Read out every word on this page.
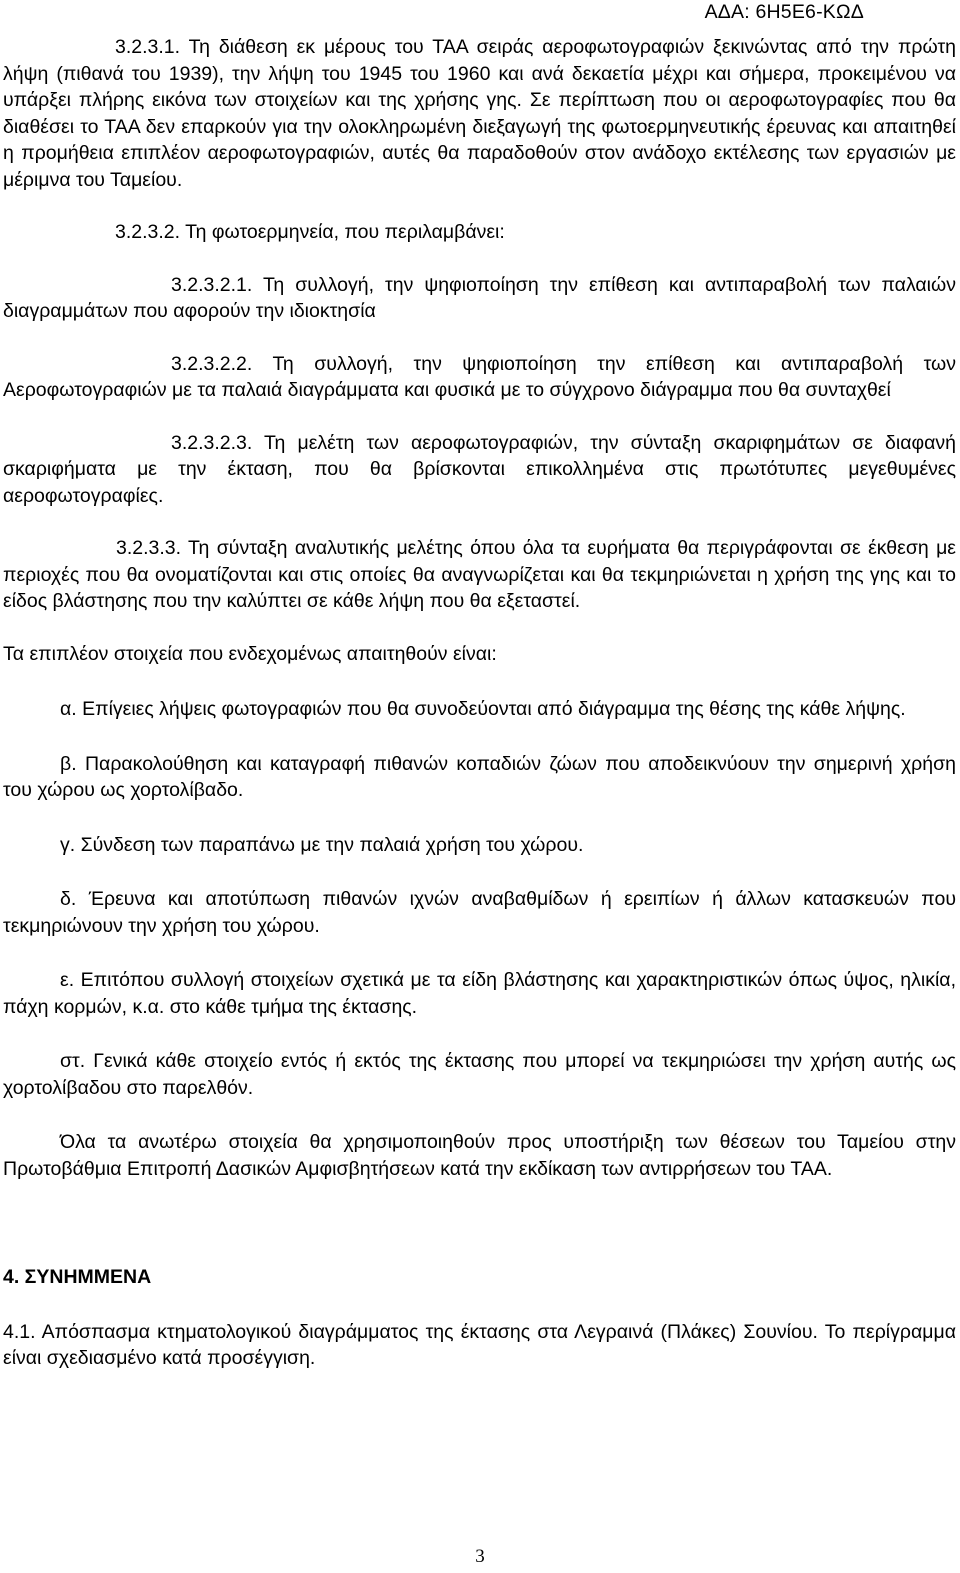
ΑΔΑ: 6Η5Ε6-ΚΩΔ

3.2.3.1. Τη διάθεση εκ μέρους του ΤΑΑ σειράς αεροφωτογραφιών ξεκινώντας από την πρώτη λήψη (πιθανά του 1939), την λήψη του 1945 του 1960 και ανά δεκαετία μέχρι και σήμερα, προκειμένου να υπάρξει πλήρης εικόνα των στοιχείων και της χρήσης γης. Σε περίπτωση που οι αεροφωτογραφίες που θα διαθέσει το ΤΑΑ δεν επαρκούν για την ολοκληρωμένη διεξαγωγή της φωτοερμηνευτικής έρευνας και απαιτηθεί η προμήθεια επιπλέον αεροφωτογραφιών, αυτές θα παραδοθούν στον ανάδοχο εκτέλεσης των εργασιών με μέριμνα του Ταμείου.

3.2.3.2. Τη φωτοερμηνεία, που περιλαμβάνει:

3.2.3.2.1. Τη συλλογή, την ψηφιοποίηση την επίθεση και αντιπαραβολή των παλαιών διαγραμμάτων που αφορούν την ιδιοκτησία

3.2.3.2.2. Τη συλλογή, την ψηφιοποίηση την επίθεση και αντιπαραβολή των Αεροφωτογραφιών με τα παλαιά διαγράμματα και φυσικά με το σύγχρονο διάγραμμα που θα συνταχθεί

3.2.3.2.3. Τη μελέτη των αεροφωτογραφιών, την σύνταξη σκαριφημάτων σε διαφανή σκαριφήματα με την έκταση, που θα βρίσκονται επικολλημένα στις πρωτότυπες μεγεθυμένες αεροφωτογραφίες.

3.2.3.3. Τη σύνταξη αναλυτικής μελέτης όπου όλα τα ευρήματα θα περιγράφονται σε έκθεση με περιοχές που θα ονοματίζονται και στις οποίες θα αναγνωρίζεται και θα τεκμηριώνεται η χρήση της γης και το είδος βλάστησης που την καλύπτει σε κάθε λήψη που θα εξεταστεί.

Τα επιπλέον στοιχεία που ενδεχομένως απαιτηθούν είναι:

α. Επίγειες λήψεις φωτογραφιών που θα συνοδεύονται από διάγραμμα της θέσης της κάθε λήψης.

β. Παρακολούθηση και καταγραφή πιθανών κοπαδιών ζώων που αποδεικνύουν την σημερινή χρήση του χώρου ως χορτολίβαδο.

γ. Σύνδεση των παραπάνω με την παλαιά χρήση του χώρου.

δ. Έρευνα και αποτύπωση πιθανών ιχνών αναβαθμίδων ή ερειπίων ή άλλων κατασκευών που τεκμηριώνουν την χρήση του χώρου.

ε. Επιτόπου συλλογή στοιχείων σχετικά με τα είδη βλάστησης και χαρακτηριστικών όπως ύψος, ηλικία, πάχη κορμών, κ.α. στο κάθε τμήμα της έκτασης.

στ. Γενικά κάθε στοιχείο εντός ή εκτός της έκτασης που μπορεί να τεκμηριώσει την χρήση αυτής ως χορτολίβαδου στο παρελθόν.

Όλα τα ανωτέρω στοιχεία θα χρησιμοποιηθούν προς υποστήριξη των θέσεων του Ταμείου στην Πρωτοβάθμια Επιτροπή Δασικών Αμφισβητήσεων κατά την εκδίκαση των αντιρρήσεων του ΤΑΑ.

4. ΣΥΝΗΜΜΕΝΑ

4.1. Απόσπασμα κτηματολογικού διαγράμματος της έκτασης στα Λεγραινά (Πλάκες) Σουνίου. Το περίγραμμα είναι σχεδιασμένο κατά προσέγγιση.

3
